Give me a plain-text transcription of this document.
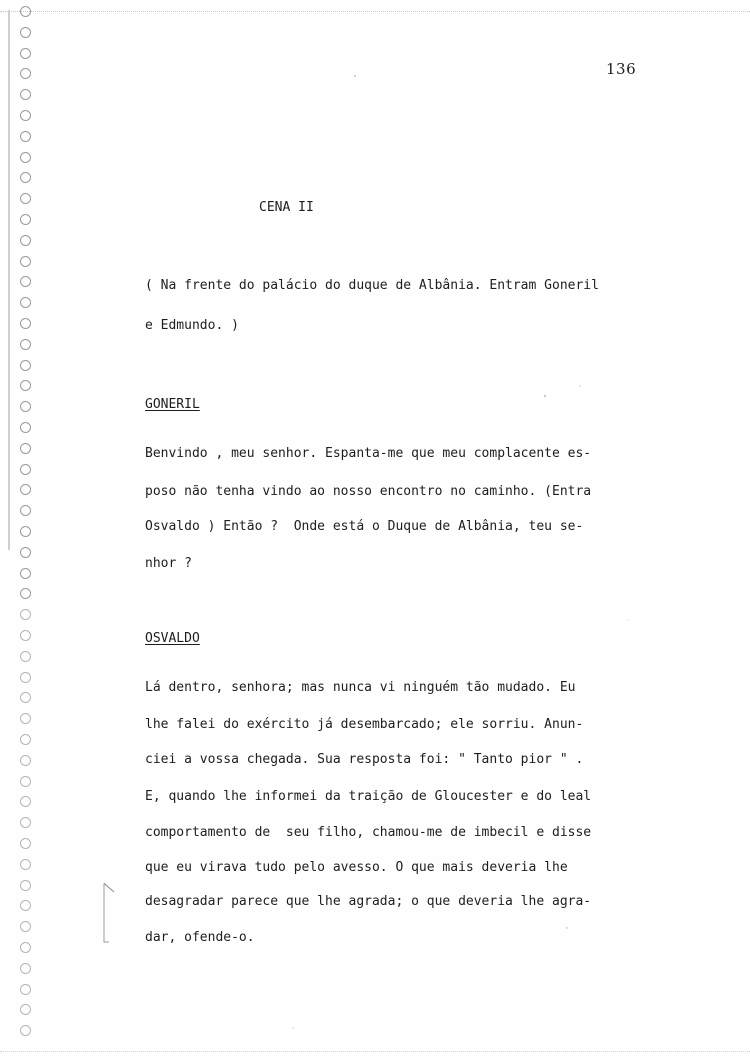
136
CENA II
( Na frente do palácio do duque de Albânia. Entram Goneril
e Edmundo. )
GONERIL
Benvindo , meu senhor. Espanta-me que meu complacente es-
poso não tenha vindo ao nosso encontro no caminho. (Entra
Osvaldo ) Então ?  Onde está o Duque de Albânia, teu se-
nhor ?
OSVALDO
Lá dentro, senhora; mas nunca vi ninguém tão mudado. Eu
lhe falei do exército já desembarcado; ele sorriu. Anun-
ciei a vossa chegada. Sua resposta foi: " Tanto pior " .
E, quando lhe informei da traição de Gloucester e do leal
comportamento de  seu filho, chamou-me de imbecil e disse
que eu virava tudo pelo avesso. O que mais deveria lhe
desagradar parece que lhe agrada; o que deveria lhe agra-
dar, ofende-o.
